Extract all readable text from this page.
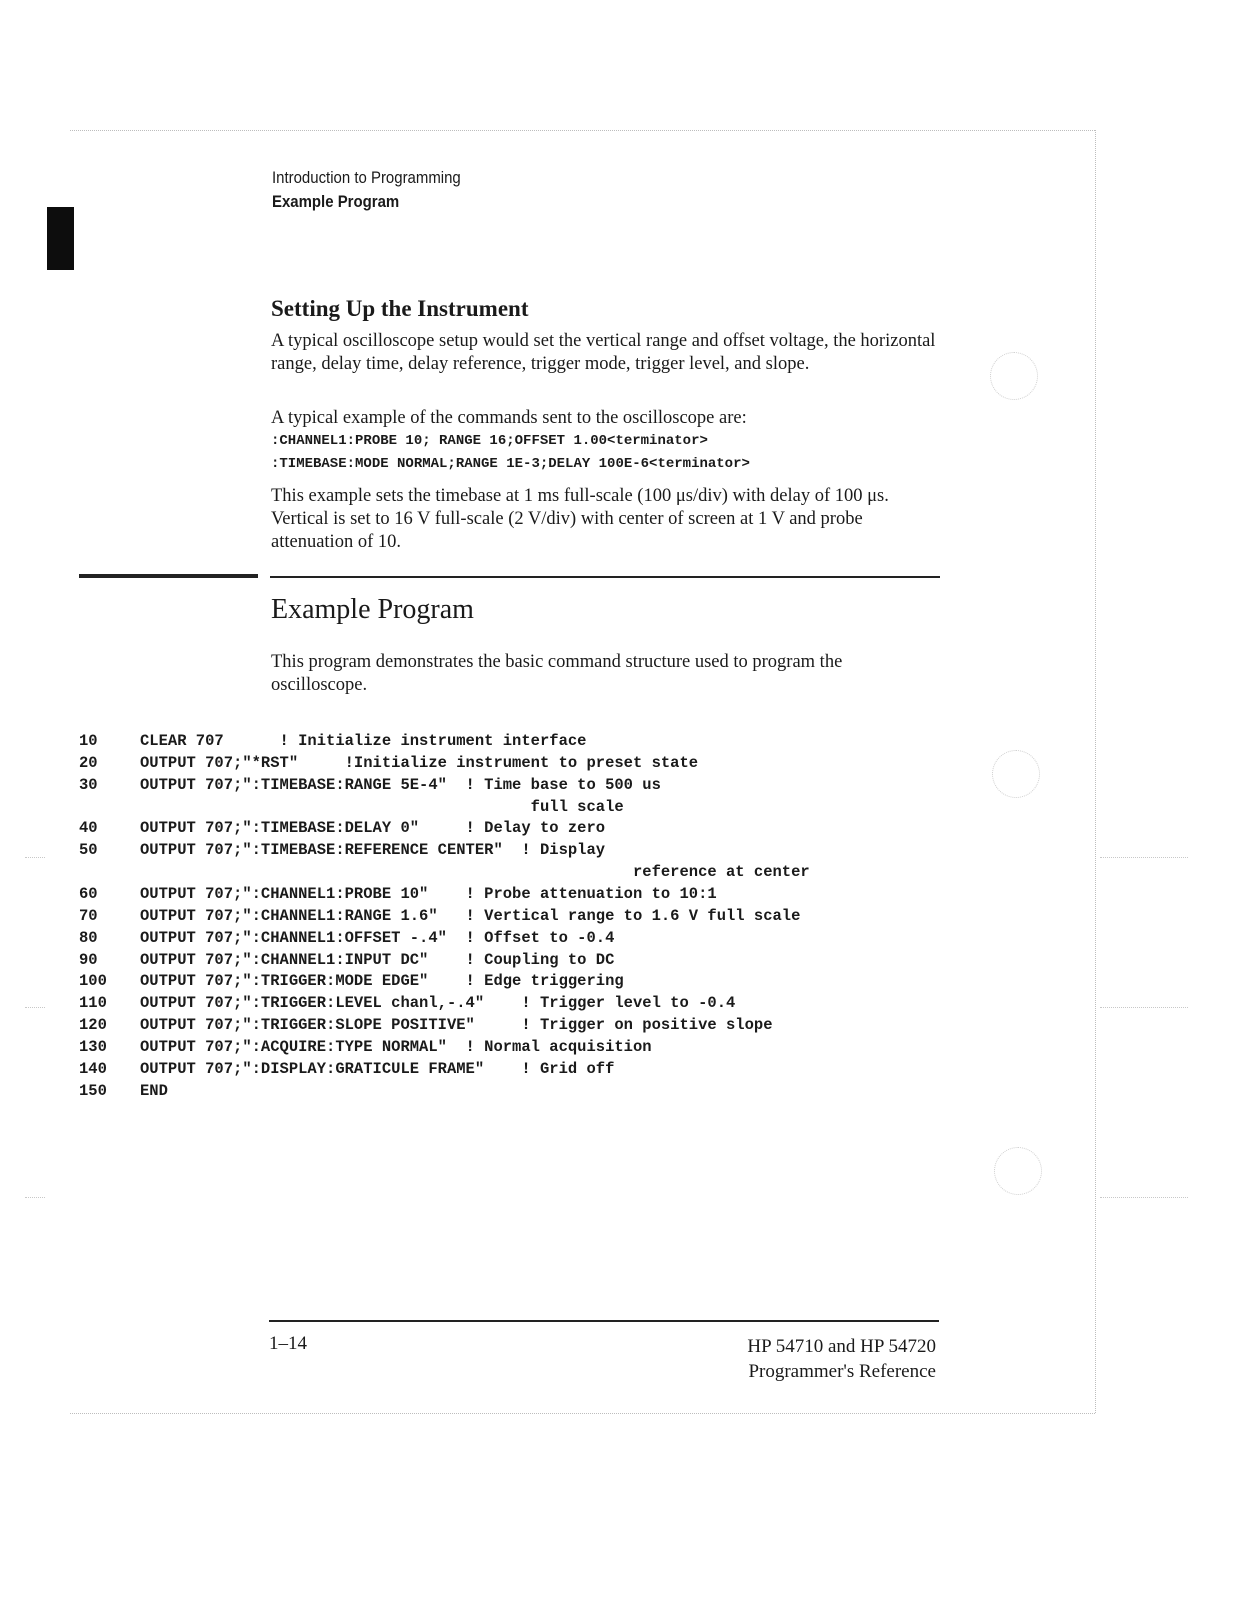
Introduction to Programming
Example Program
Setting Up the Instrument
A typical oscilloscope setup would set the vertical range and offset voltage, the horizontal range, delay time, delay reference, trigger mode, trigger level, and slope.
A typical example of the commands sent to the oscilloscope are:
:CHANNEL1:PROBE 10; RANGE 16;OFFSET 1.00<terminator>
:TIMEBASE:MODE NORMAL;RANGE 1E-3;DELAY 100E-6<terminator>
This example sets the timebase at 1 ms full-scale (100 μs/div) with delay of 100 μs. Vertical is set to 16 V full-scale (2 V/div) with center of screen at 1 V and probe attenuation of 10.
Example Program
This program demonstrates the basic command structure used to program the oscilloscope.
10	CLEAR 707      ! Initialize instrument interface
20	OUTPUT 707;"*RST"     !Initialize instrument to preset state
30	OUTPUT 707;":TIMEBASE:RANGE 5E-4"  ! Time base to 500 us
full scale
40	OUTPUT 707;":TIMEBASE:DELAY 0"     ! Delay to zero
50	OUTPUT 707;":TIMEBASE:REFERENCE CENTER"  ! Display
reference at center
60	OUTPUT 707;":CHANNEL1:PROBE 10"    ! Probe attenuation to 10:1
70	OUTPUT 707;":CHANNEL1:RANGE 1.6"   ! Vertical range to 1.6 V full scale
80	OUTPUT 707;":CHANNEL1:OFFSET -.4"  ! Offset to -0.4
90	OUTPUT 707;":CHANNEL1:INPUT DC"    ! Coupling to DC
100 OUTPUT 707;":TRIGGER:MODE EDGE"    ! Edge triggering
110 OUTPUT 707;":TRIGGER:LEVEL chanl,-.4"    ! Trigger level to -0.4
120 OUTPUT 707;":TRIGGER:SLOPE POSITIVE"     ! Trigger on positive slope
130 OUTPUT 707;":ACQUIRE:TYPE NORMAL"  ! Normal acquisition
140 OUTPUT 707;":DISPLAY:GRATICULE FRAME"    ! Grid off
150 END
1–14	HP 54710 and HP 54720
Programmer's Reference
